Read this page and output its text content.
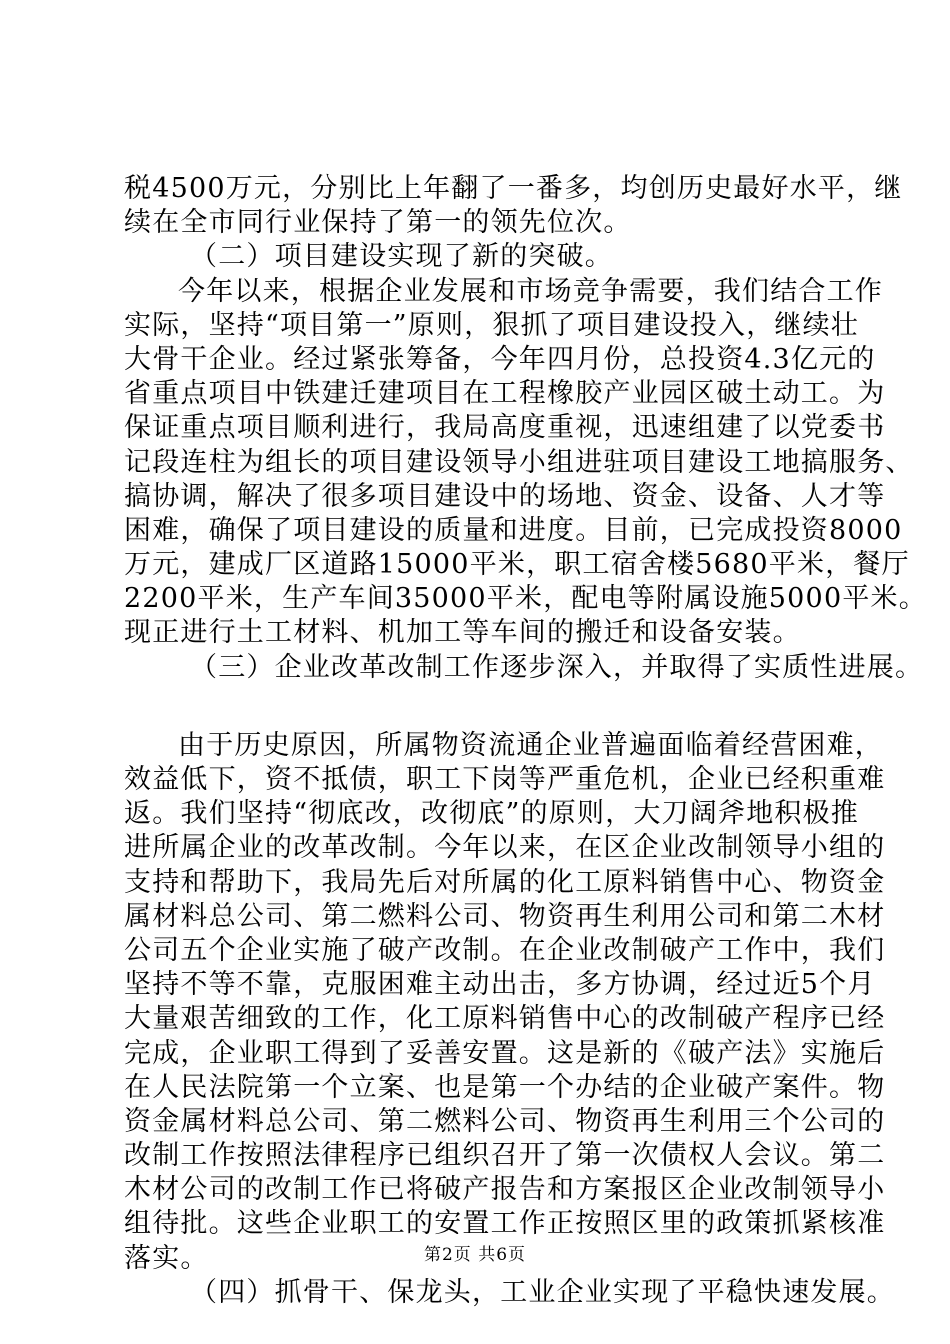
税4500万元，分别比上年翻了一番多，均创历史最好水平，继
续在全市同行业保持了第一的领先位次。
（二）项目建设实现了新的突破。
今年以来，根据企业发展和市场竞争需要，我们结合工作
实际，坚持“项目第一”原则，狠抓了项目建设投入，继续壮
大骨干企业。经过紧张筹备，今年四月份，总投资4.3亿元的
省重点项目中铁建迁建项目在工程橡胶产业园区破土动工。为
保证重点项目顺利进行，我局高度重视，迅速组建了以党委书
记段连柱为组长的项目建设领导小组进驻项目建设工地搞服务、
搞协调，解决了很多项目建设中的场地、资金、设备、人才等
困难，确保了项目建设的质量和进度。目前，已完成投资8000
万元，建成厂区道路15000平米，职工宿舍楼5680平米，餐厅
2200平米，生产车间35000平米，配电等附属设施5000平米。
现正进行土工材料、机加工等车间的搬迁和设备安装。
（三）企业改革改制工作逐步深入，并取得了实质性进展。
由于历史原因，所属物资流通企业普遍面临着经营困难，
效益低下，资不抵债，职工下岗等严重危机，企业已经积重难
返。我们坚持“彻底改，改彻底”的原则，大刀阔斧地积极推
进所属企业的改革改制。今年以来，在区企业改制领导小组的
支持和帮助下，我局先后对所属的化工原料销售中心、物资金
属材料总公司、第二燃料公司、物资再生利用公司和第二木材
公司五个企业实施了破产改制。在企业改制破产工作中，我们
坚持不等不靠，克服困难主动出击，多方协调，经过近5个月
大量艰苦细致的工作，化工原料销售中心的改制破产程序已经
完成，企业职工得到了妥善安置。这是新的《破产法》实施后
在人民法院第一个立案、也是第一个办结的企业破产案件。物
资金属材料总公司、第二燃料公司、物资再生利用三个公司的
改制工作按照法律程序已组织召开了第一次债权人会议。第二
木材公司的改制工作已将破产报告和方案报区企业改制领导小
组待批。这些企业职工的安置工作正按照区里的政策抓紧核准
落实。
（四）抓骨干、保龙头，工业企业实现了平稳快速发展。
第2页 共6页
